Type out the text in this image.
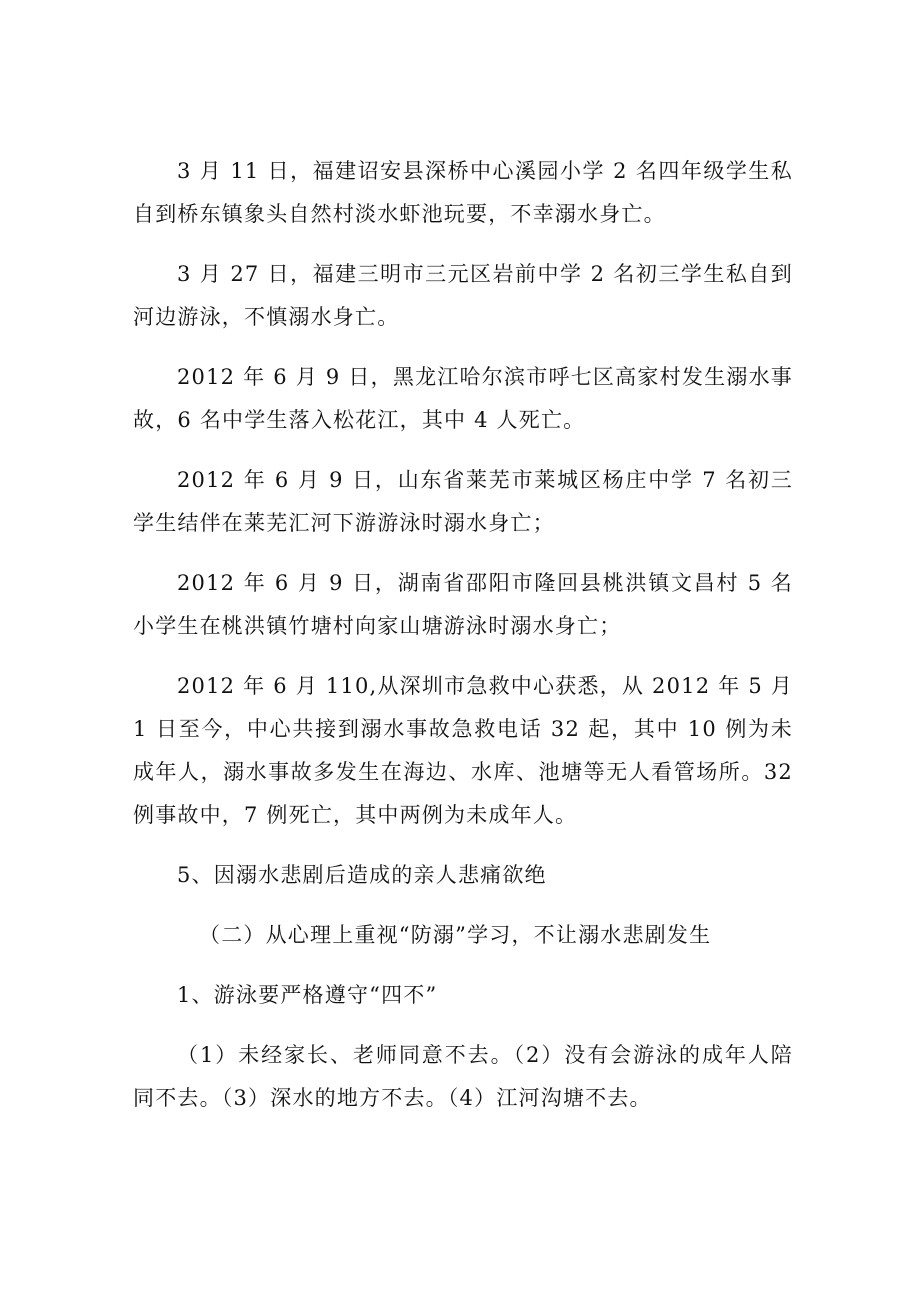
3 月 11 日，福建诏安县深桥中心溪园小学 2 名四年级学生私自到桥东镇象头自然村淡水虾池玩要，不幸溺水身亡。

3 月 27 日，福建三明市三元区岩前中学 2 名初三学生私自到河边游泳，不慎溺水身亡。

2012 年 6 月 9 日，黑龙江哈尔滨市呼七区高家村发生溺水事故，6 名中学生落入松花江，其中 4 人死亡。

2012 年 6 月 9 日，山东省莱芜市莱城区杨庄中学 7 名初三学生结伴在莱芜汇河下游游泳时溺水身亡；

2012 年 6 月 9 日，湖南省邵阳市隆回县桃洪镇文昌村 5 名小学生在桃洪镇竹塘村向家山塘游泳时溺水身亡；

2012 年 6 月 110,从深圳市急救中心获悉，从 2012 年 5 月 1 日至今，中心共接到溺水事故急救电话 32 起，其中 10 例为未成年人，溺水事故多发生在海边、水库、池塘等无人看管场所。32 例事故中，7 例死亡，其中两例为未成年人。

5、因溺水悲剧后造成的亲人悲痛欲绝

（二）从心理上重视“防溺”学习，不让溺水悲剧发生

1、游泳要严格遵守“四不”

（1）未经家长、老师同意不去。（2）没有会游泳的成年人陪同不去。（3）深水的地方不去。（4）江河沟塘不去。
